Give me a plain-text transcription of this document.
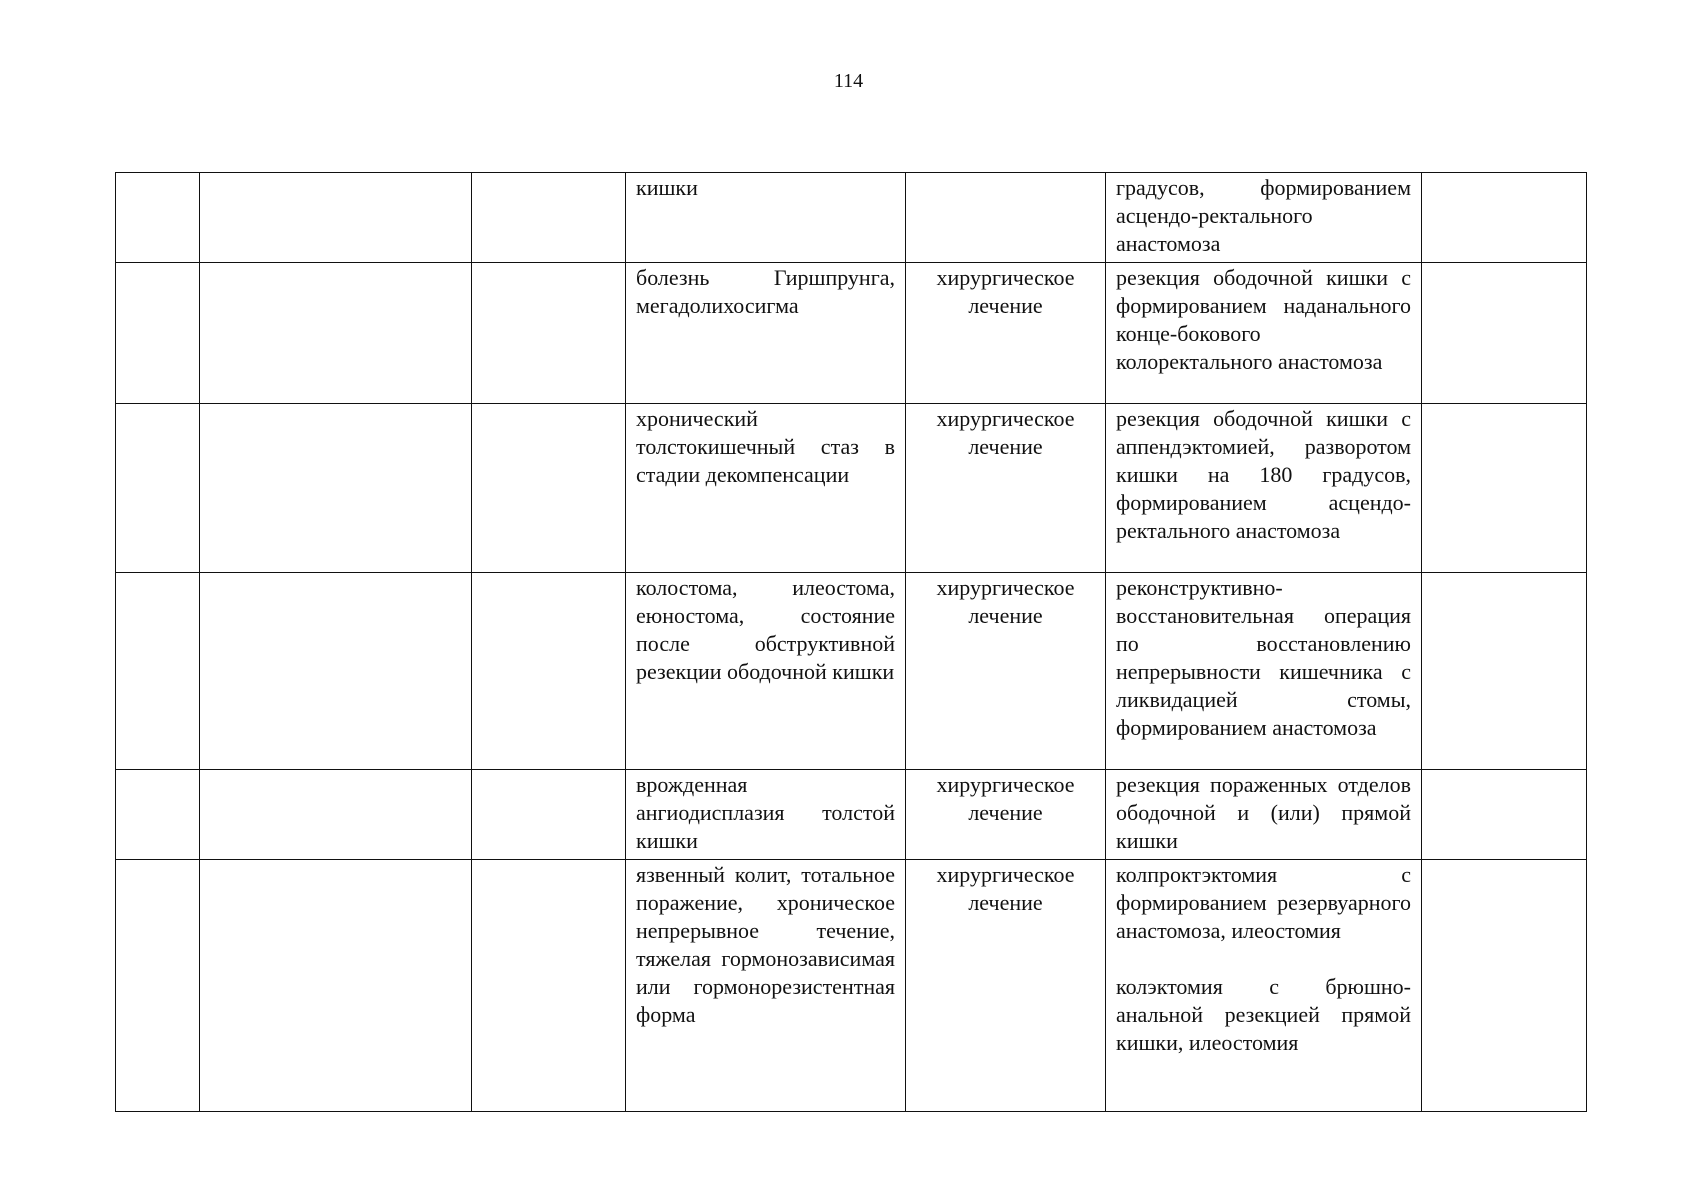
114
			кишки		градусов, формированием асцендо-ректального анастомоза	

			болезнь Гиршпрунга, мегадолихосигма	хирургическое лечение	резекция ободочной кишки с формированием наданального конце-бокового колоректального анастомоза	

			хронический толстокишечный стаз в стадии декомпенсации	хирургическое лечение	резекция ободочной кишки с аппендэктомией, разворотом кишки на 180 градусов, формированием асцендо-ректального анастомоза	

			колостома, илеостома, еюностома, состояние после обструктивной резекции ободочной кишки	хирургическое лечение	реконструктивно-восстановительная операция по восстановлению непрерывности кишечника с ликвидацией стомы, формированием анастомоза	

			врожденная ангиодисплазия толстой кишки	хирургическое лечение	резекция пораженных отделов ободочной и (или) прямой кишки	

			язвенный колит, тотальное поражение, хроническое непрерывное течение, тяжелая гормонозависимая или гормонорезистентная форма	хирургическое лечение	колпроктэктомия с формированием резервуарного анастомоза, илеостомия
колэктомия с брюшно-анальной резекцией прямой кишки, илеостомия	
